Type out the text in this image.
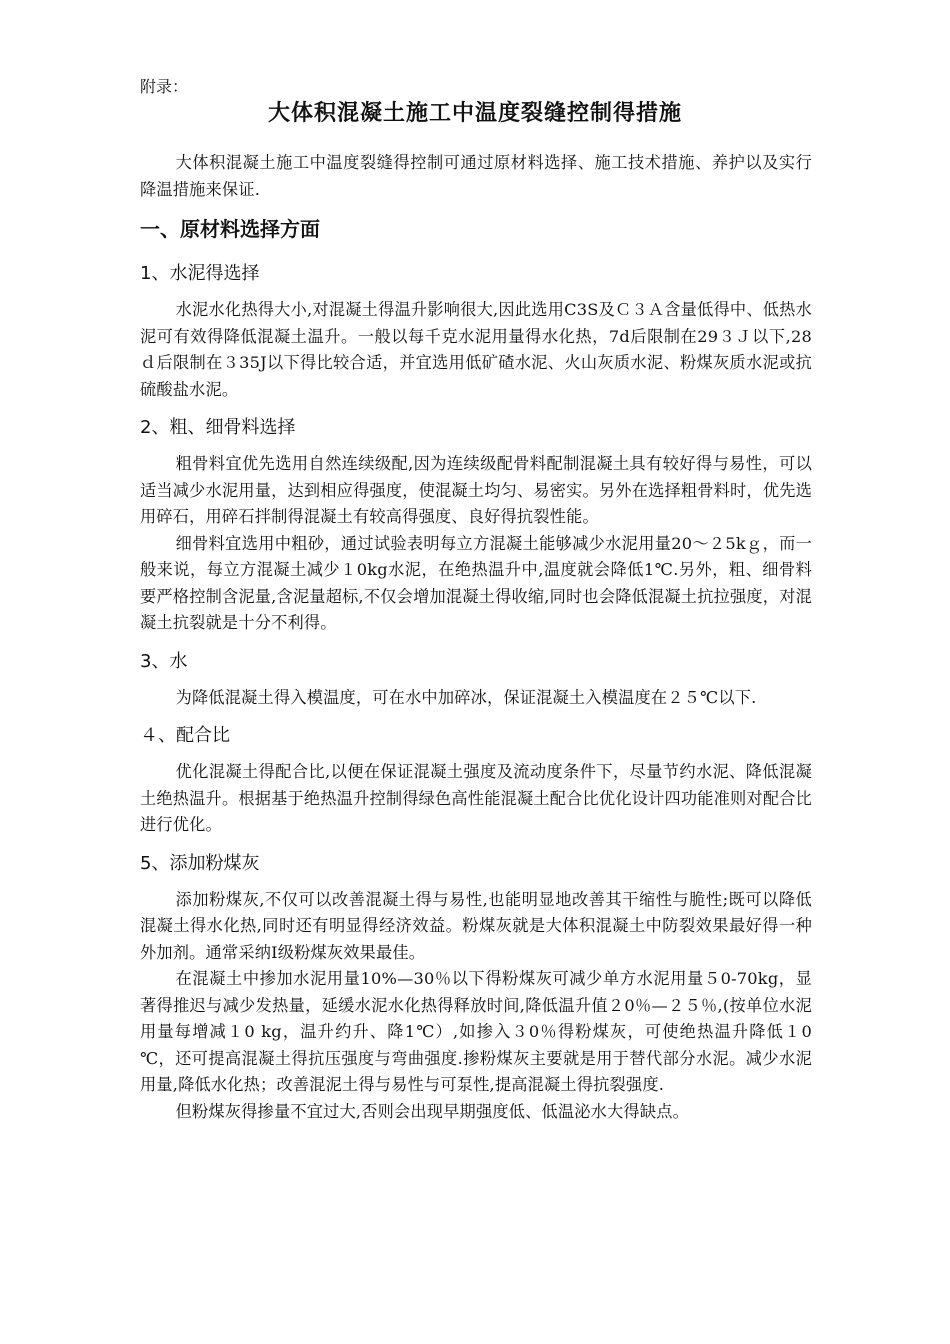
附录：
大体积混凝土施工中温度裂缝控制得措施

大体积混凝土施工中温度裂缝得控制可通过原材料选择、施工技术措施、养护以及实行降温措施来保证.

一、原材料选择方面
1、水泥得选择

水泥水化热得大小,对混凝土得温升影响很大,因此选用C3S及Ｃ３Ａ含量低得中、低热水泥可有效得降低混凝土温升。一般以每千克水泥用量得水化热，7d后限制在29３Ｊ以下,28ｄ后限制在３35J以下得比较合适，并宜选用低矿碴水泥、火山灰质水泥、粉煤灰质水泥或抗硫酸盐水泥。

2、粗、细骨料选择

粗骨料宜优先选用自然连续级配,因为连续级配骨料配制混凝土具有较好得与易性，可以适当减少水泥用量，达到相应得强度，使混凝土均匀、易密实。另外在选择粗骨料时，优先选用碎石，用碎石拌制得混凝土有较高得强度、良好得抗裂性能。

细骨料宜选用中粗砂，通过试验表明每立方混凝土能够减少水泥用量20～２5kｇ，而一般来说，每立方混凝土减少１0kg水泥，在绝热温升中,温度就会降低1℃.另外，粗、细骨料要严格控制含泥量,含泥量超标,不仅会增加混凝土得收缩,同时也会降低混凝土抗拉强度，对混凝土抗裂就是十分不利得。

3、水

为降低混凝土得入模温度，可在水中加碎冰，保证混凝土入模温度在２５℃以下.

４、配合比

优化混凝土得配合比,以便在保证混凝土强度及流动度条件下，尽量节约水泥、降低混凝土绝热温升。根据基于绝热温升控制得绿色高性能混凝土配合比优化设计四功能准则对配合比进行优化。

5、添加粉煤灰

添加粉煤灰,不仅可以改善混凝土得与易性,也能明显地改善其干缩性与脆性;既可以降低混凝土得水化热,同时还有明显得经济效益。粉煤灰就是大体积混凝土中防裂效果最好得一种外加剂。通常采纳Ⅰ级粉煤灰效果最佳。

在混凝土中掺加水泥用量10%—30％以下得粉煤灰可减少单方水泥用量５0-70kg，显著得推迟与减少发热量，延缓水泥水化热得释放时间,降低温升值２0％—２５％,(按单位水泥用量每增减１0 kg，温升约升、降1℃）,如掺入３0％得粉煤灰，可使绝热温升降低１0 ℃，还可提高混凝土得抗压强度与弯曲强度.掺粉煤灰主要就是用于替代部分水泥。减少水泥用量,降低水化热；改善混泥土得与易性与可泵性,提高混凝土得抗裂强度.

但粉煤灰得掺量不宜过大,否则会出现早期强度低、低温泌水大得缺点。
